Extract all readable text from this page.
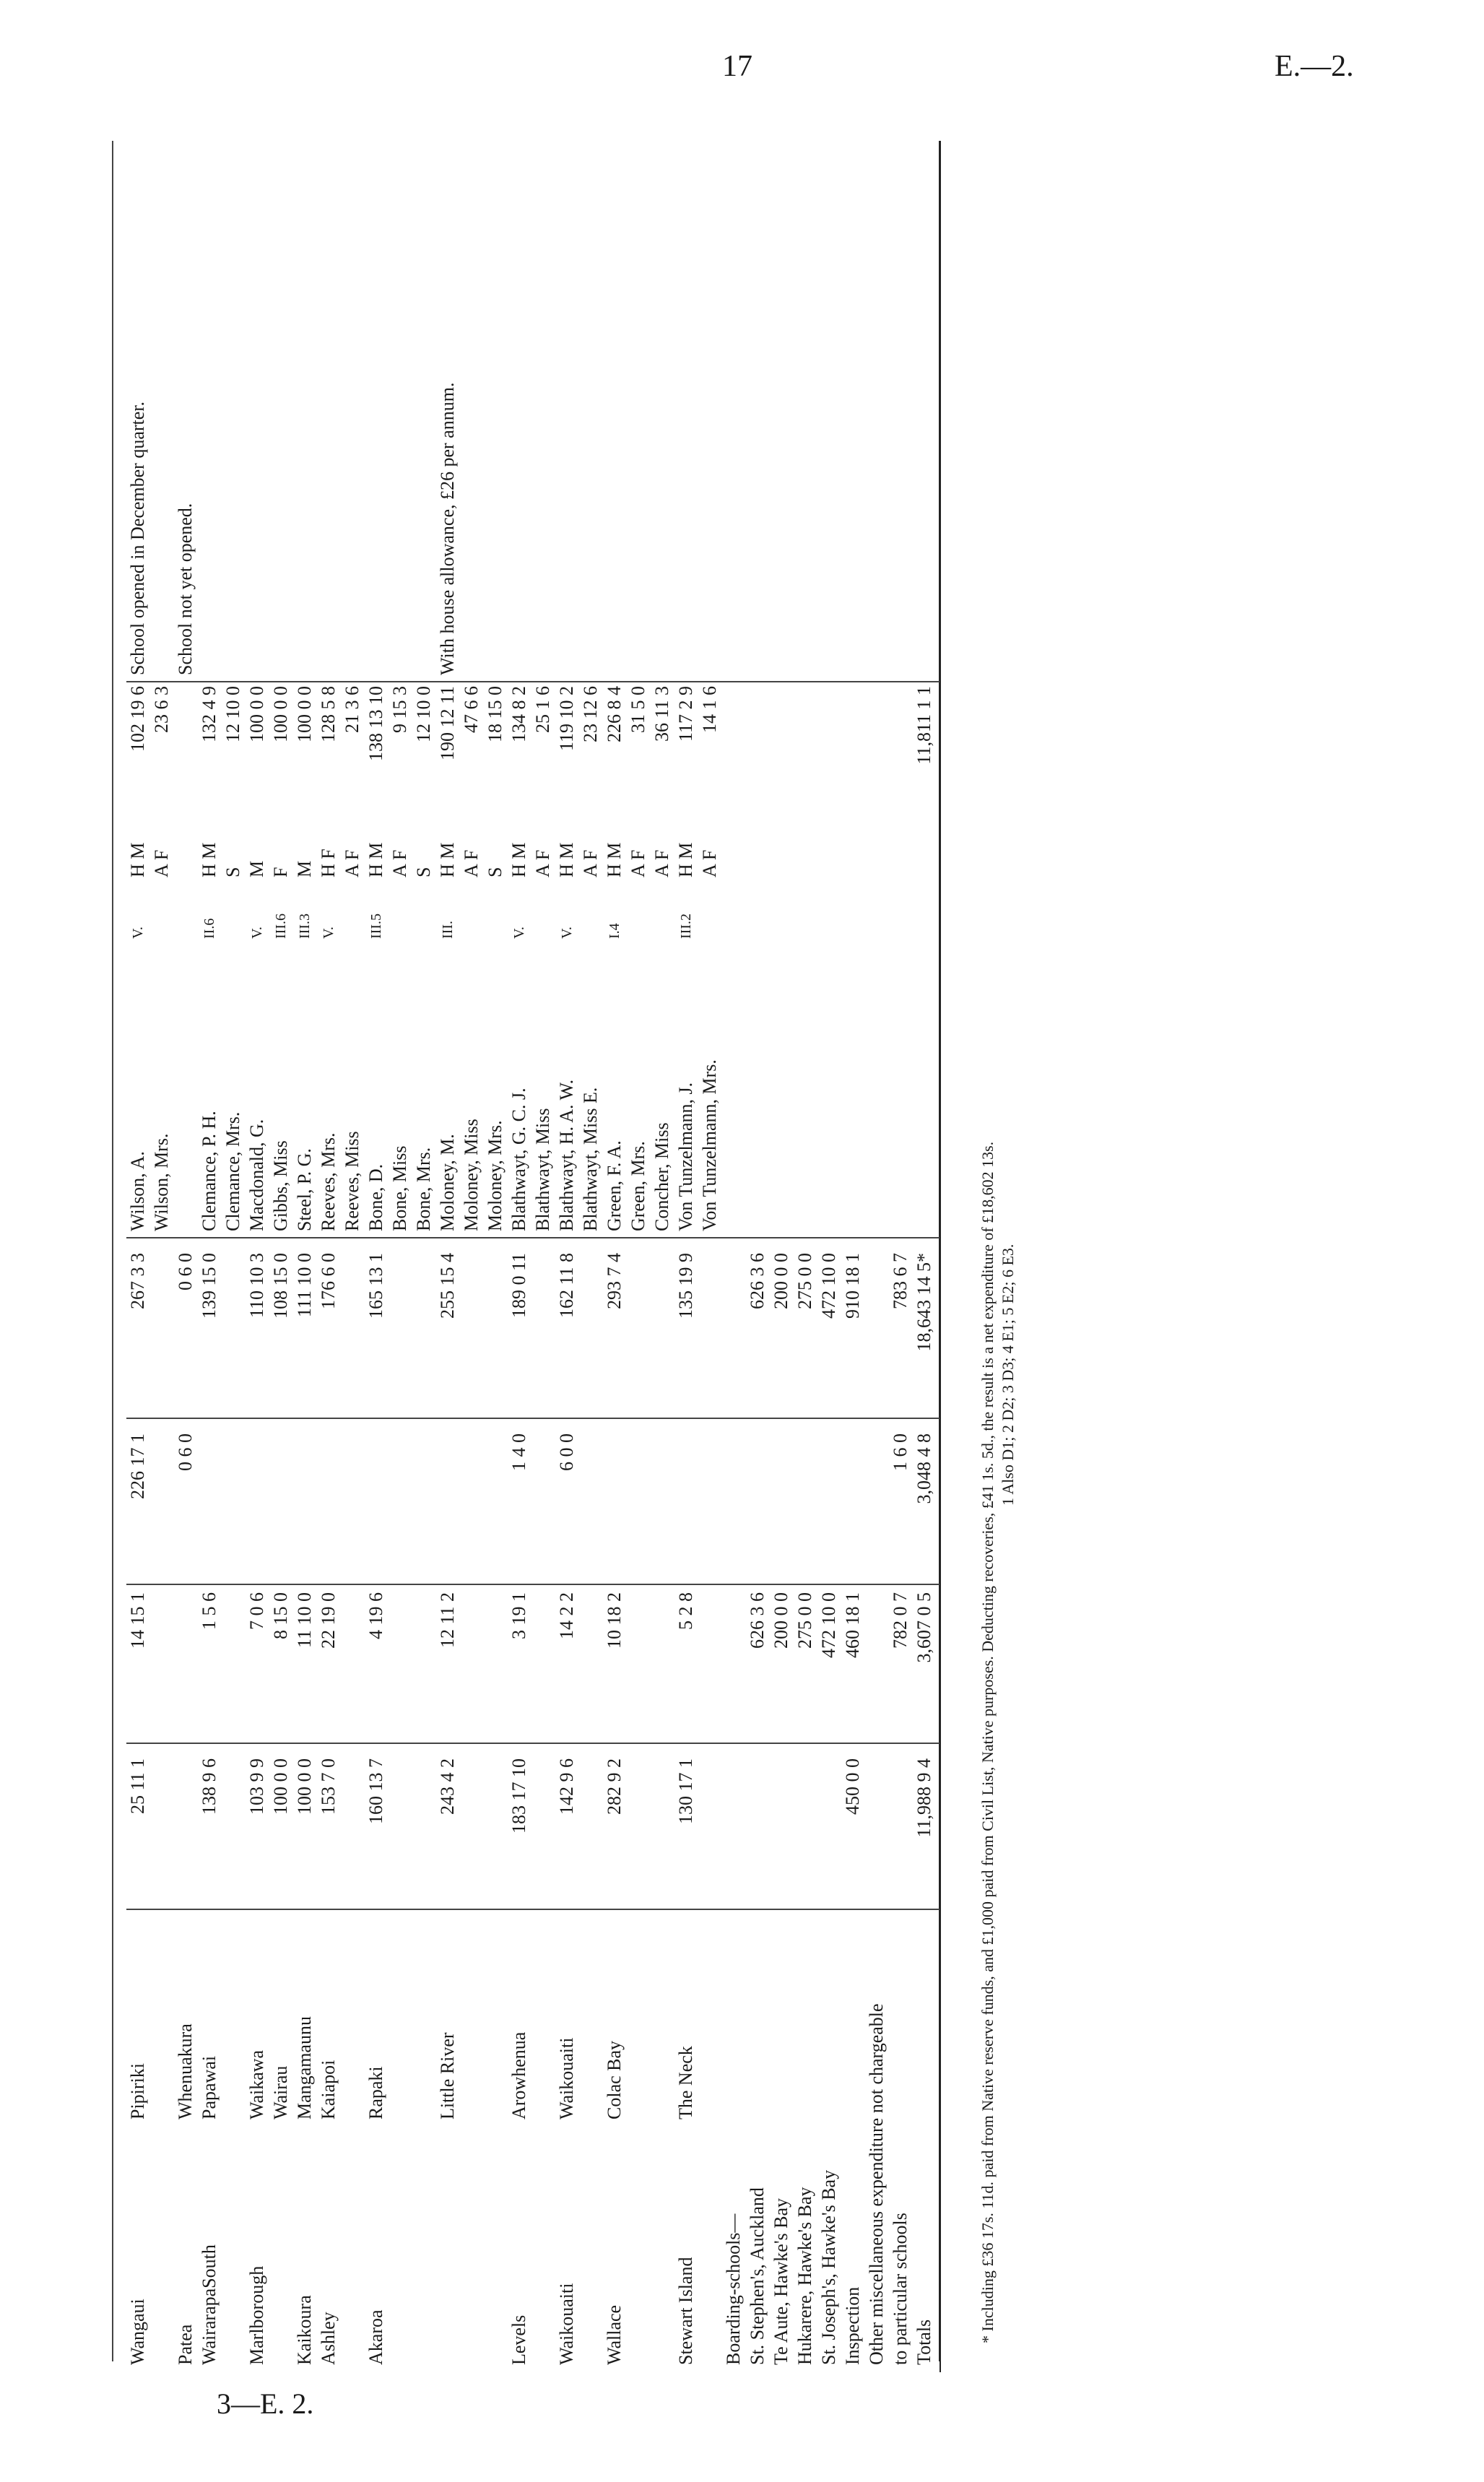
17	E.—2.
Wangaui
Pipiriki
25 11 1
14 15 1
226 17 1
267 3 3
Wilson, A.
V.
H M
102 19 6
School opened in December quarter.
Wilson, Mrs.
A F
23 6 3
Patea
Whenuakura
0 6 0
0 6 0
School not yet opened.
WairarapaSouth
Papawai
138 9 6
1 5 6
139 15 0
Clemance, P. H.
II.6
H M
132 4 9
Clemance, Mrs.
S
12 10 0
Marlborough
Waikawa
103 9 9
7 0 6
110 10 3
Macdonald, G.
V.
M
100 0 0
Wairau
100 0 0
8 15 0
108 15 0
Gibbs, Miss
III.6
F
100 0 0
Kaikoura
Mangamaunu
100 0 0
11 10 0
111 10 0
Steel, P. G.
III.3
M
100 0 0
Ashley
Kaiapoi
153 7 0
22 19 0
176 6 0
Reeves, Mrs.
V.
H F
128 5 8
Reeves, Miss
A F
21 3 6
Akaroa
Rapaki
160 13 7
4 19 6
165 13 1
Bone, D.
III.5
H M
138 13 10
Bone, Miss
A F
9 15 3
Bone, Mrs.
S
12 10 0
Little River
243 4 2
12 11 2
255 15 4
Moloney, M.
III.
H M
190 12 11
With house allowance, £26 per annum.
Moloney, Miss
A F
47 6 6
Moloney, Mrs.
S
18 15 0
Levels
Arowhenua
183 17 10
3 19 1
1 4 0
189 0 11
Blathwayt, G. C. J.
V.
H M
134 8 2
Blathwayt, Miss
A F
25 1 6
Waikouaiti
Waikouaiti
142 9 6
14 2 2
6 0 0
162 11 8
Blathwayt, H. A. W.
V.
H M
119 10 2
Blathwayt, Miss E.
A F
23 12 6
Wallace
Colac Bay
282 9 2
10 18 2
293 7 4
Green, F. A.
I.4
H M
226 8 4
Green, Mrs.
A F
31 5 0
Concher, Miss
A F
36 11 3
Stewart Island
The Neck
130 17 1
5 2 8
135 19 9
Von Tunzelmann, J.
III.2
H M
117 2 9
Von Tunzelmann, Mrs.
A F
14 1 6
Boarding-schools— St. Stephen's, Auckland
626 3 6
626 3 6
Te Aute, Hawke's Bay
200 0 0
200 0 0
Hukarere, Hawke's Bay
275 0 0
275 0 0
St. Joseph's, Hawke's Bay
472 10 0
472 10 0
Inspection
450 0 0
460 18 1
910 18 1
Other miscellaneous expenditure not chargeable to particular schools
782 0 7
1 6 0
783 6 7
Totals
11,988 9 4
3,607 0 5
3,048 4 8
18,643 14 5*
11,811 1 1
* Including £36 17s. 11d. paid from Native reserve funds, and £1,000 paid from Civil List, Native purposes. Deducting recoveries, £41 1s. 5d., the result is a net expenditure of £18,602 13s. 1 Also D1; 2 D2; 3 D3; 4 E1; 5 E2; 6 E3.
3—E. 2.
